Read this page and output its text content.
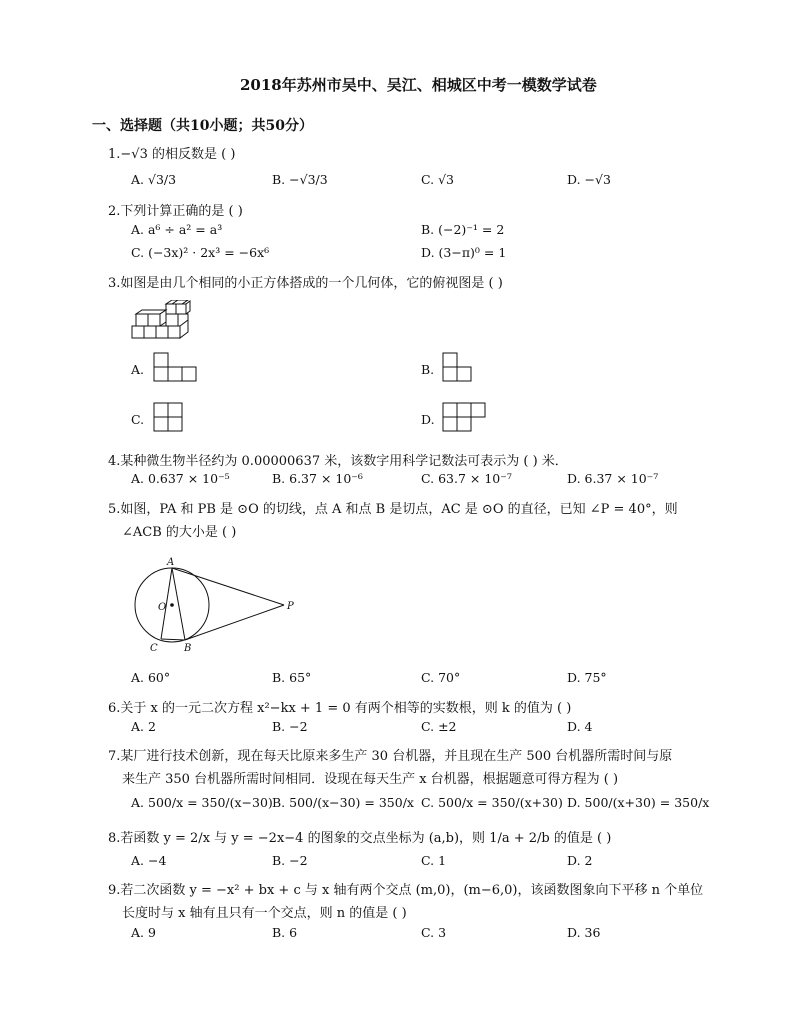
2018年苏州市吴中、吴江、相城区中考一模数学试卷
一、选择题（共10小题；共50分）
1.−√3 的相反数是 ( )
A. √3/3	B. −√3/3	C. √3	D. −√3
2.下列计算正确的是 ( )
A. a⁶ ÷ a² = a³	B. (−2)⁻¹ = 2
C. (−3x)² · 2x³ = −6x⁶	D. (3−π)⁰ = 1
3.如图是由几个相同的小正方体搭成的一个几何体，它的俯视图是 ( )
A.	B.
C.	D.
4.某种微生物半径约为 0.00000637 米，该数字用科学记数法可表示为 ( ) 米．
A. 0.637 × 10⁻⁵	B. 6.37 × 10⁻⁶	C. 63.7 × 10⁻⁷	D. 6.37 × 10⁻⁷
5.如图，PA 和 PB 是 ⊙O 的切线，点 A 和点 B 是切点，AC 是 ⊙O 的直径，已知 ∠P = 40°，则
∠ACB 的大小是 ( )
A
O	P
C	B
A. 60°	B. 65°	C. 70°	D. 75°
6.关于 x 的一元二次方程 x²−kx + 1 = 0 有两个相等的实数根，则 k 的值为 ( )
A. 2	B. −2	C. ±2	D. 4
7.某厂进行技术创新，现在每天比原来多生产 30 台机器，并且现在生产 500 台机器所需时间与原
来生产 350 台机器所需时间相同．设现在每天生产 x 台机器，根据题意可得方程为 ( )
A. 500/x = 350/(x−30) B. 500/(x−30) = 350/x C. 500/x = 350/(x+30) D. 500/(x+30) = 350/x
8.若函数 y = 2/x 与 y = −2x−4 的图象的交点坐标为 (a,b)，则 1/a + 2/b 的值是 ( )
A. −4	B. −2	C. 1	D. 2
9.若二次函数 y = −x² + bx + c 与 x 轴有两个交点 (m,0)，(m−6,0)，该函数图象向下平移 n 个单位
长度时与 x 轴有且只有一个交点，则 n 的值是 ( )
A. 9	B. 6	C. 3	D. 36
